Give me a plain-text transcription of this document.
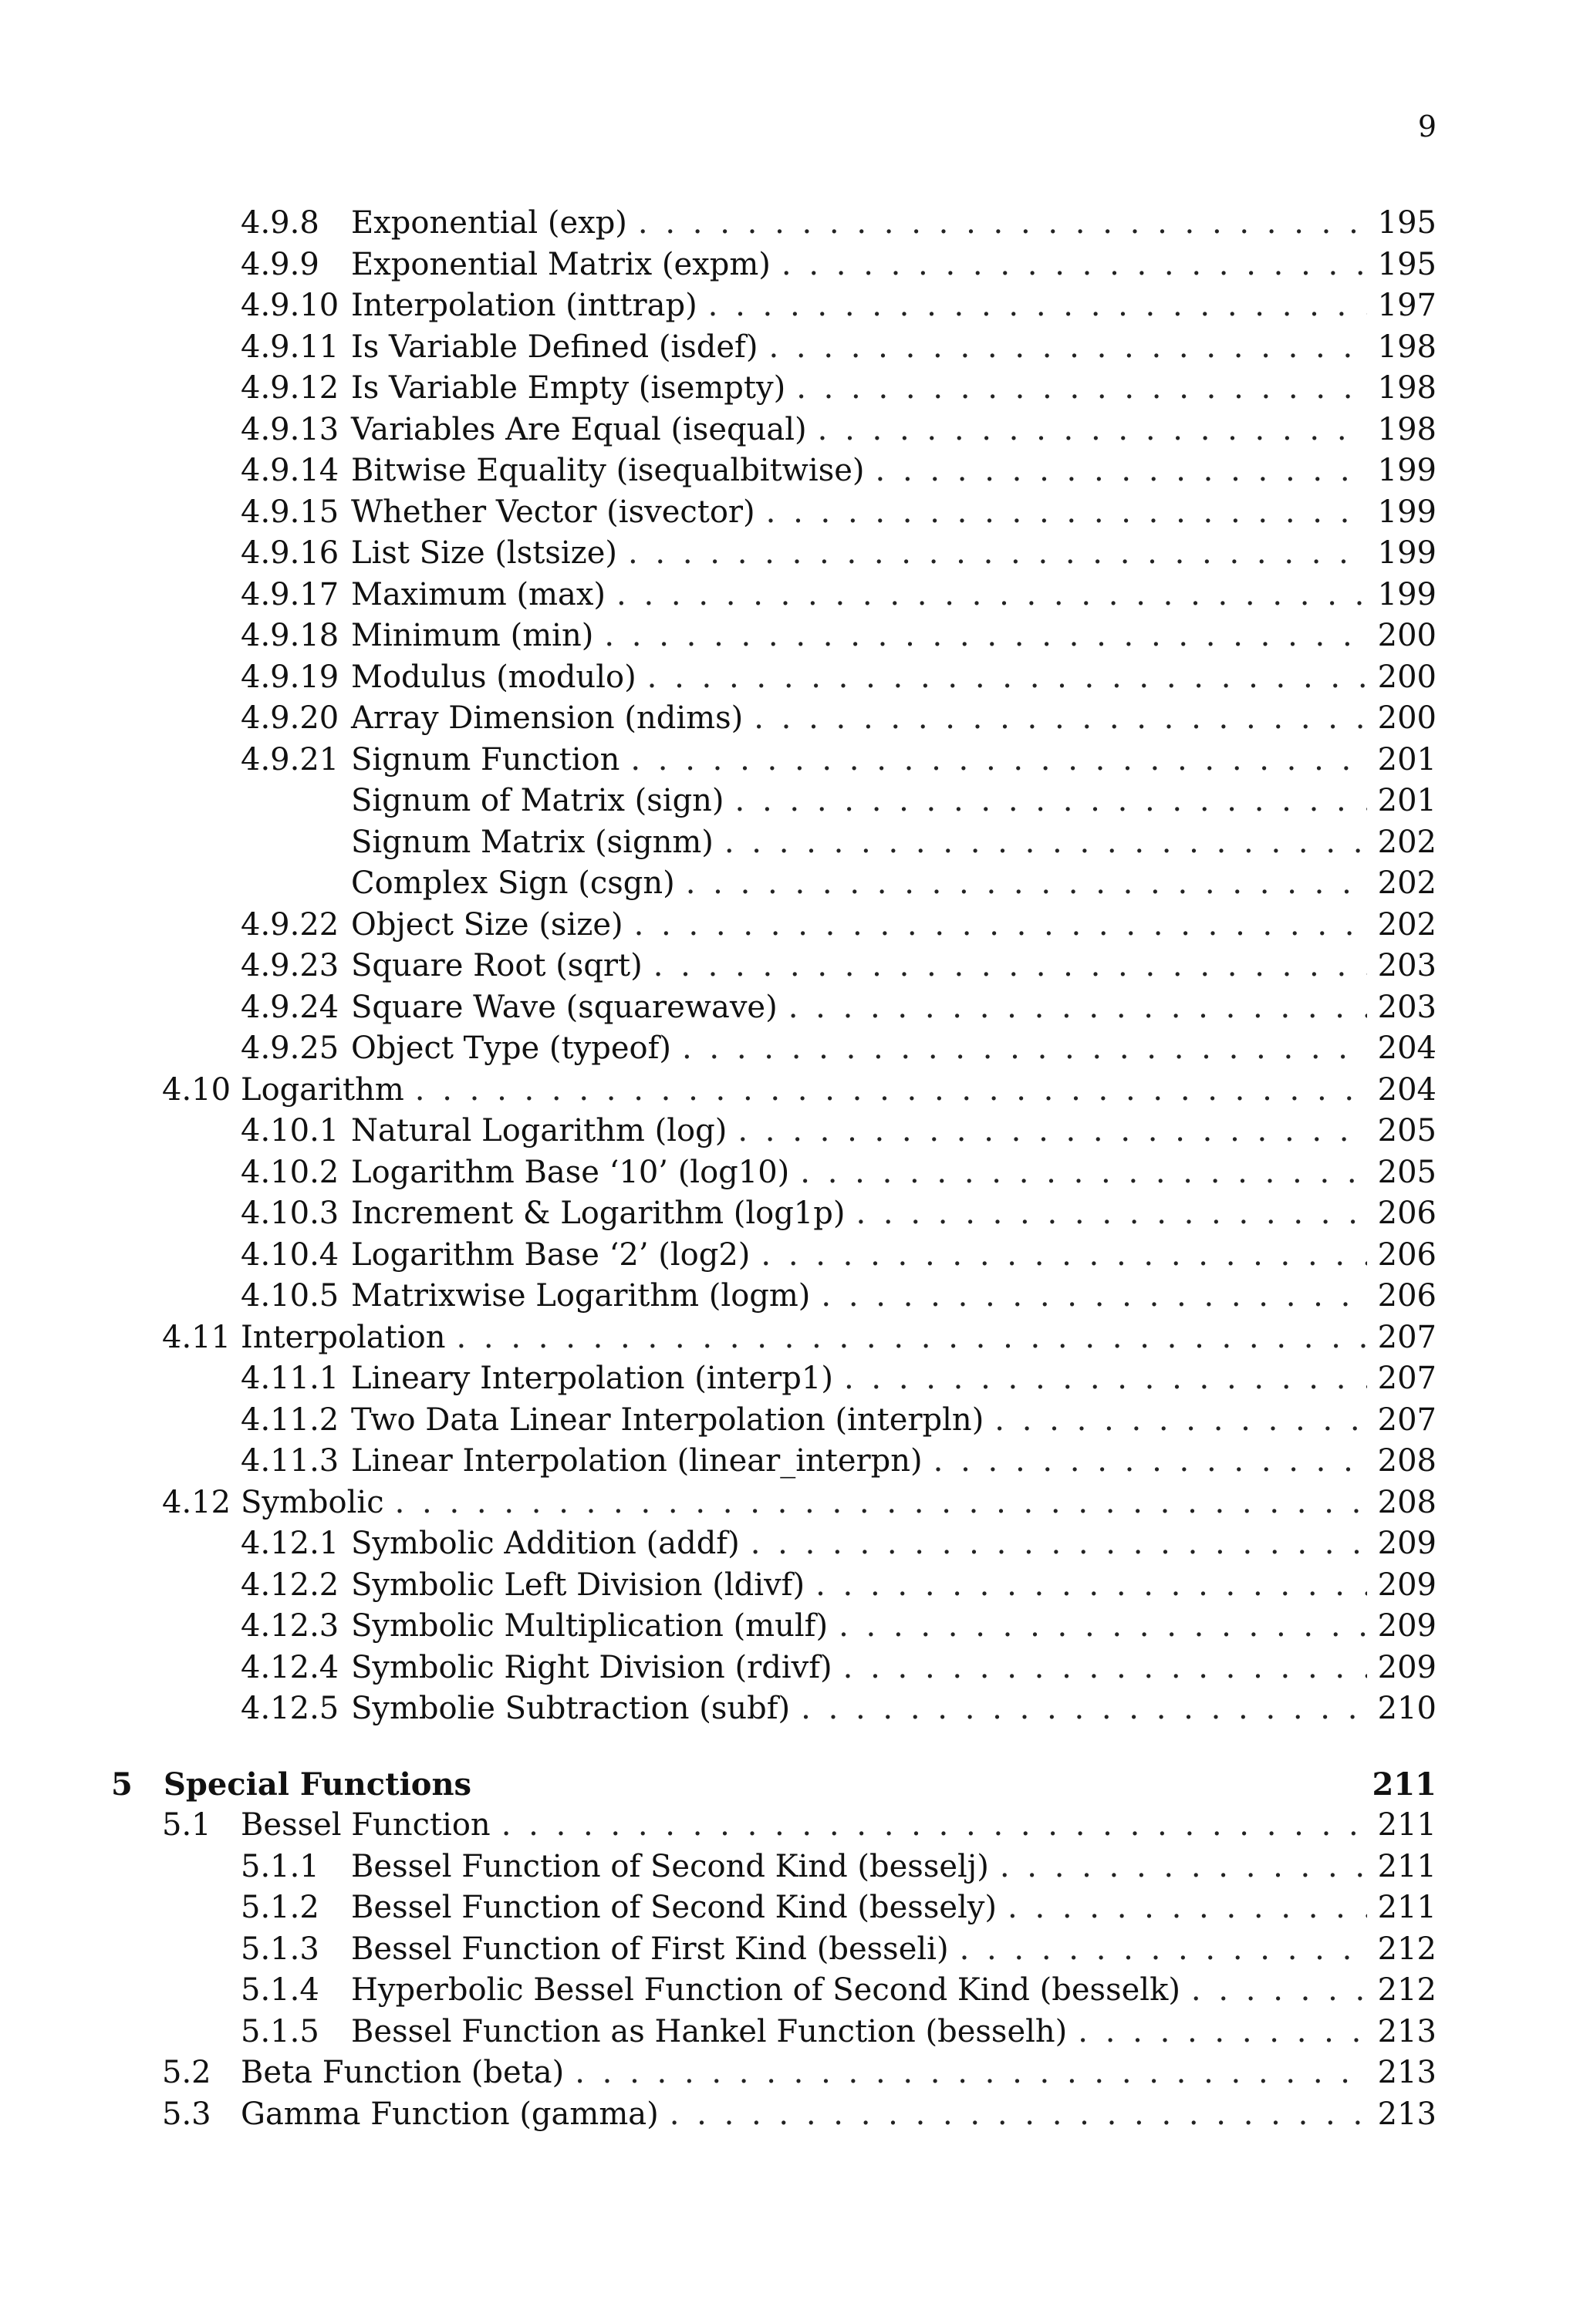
9
4.9.8 Exponential (exp) . . .	195
4.9.9 Exponential Matrix (expm) . . .	195
4.9.10 Interpolation (inttrap) . . .	197
4.9.11 Is Variable Defined (isdef) . . .	198
4.9.12 Is Variable Empty (isempty) . . .	198
4.9.13 Variables Are Equal (isequal) . . .	198
4.9.14 Bitwise Equality (isequalbitwise) . . .	199
4.9.15 Whether Vector (isvector) . . .	199
4.9.16 List Size (lstsize) . . .	199
4.9.17 Maximum (max) . . .	199
4.9.18 Minimum (min) . . .	200
4.9.19 Modulus (modulo) . . .	200
4.9.20 Array Dimension (ndims) . . .	200
4.9.21 Signum Function . . .	201
Signum of Matrix (sign) . . .	201
Signum Matrix (signm) . . .	202
Complex Sign (csgn) . . .	202
4.9.22 Object Size (size) . . .	202
4.9.23 Square Root (sqrt) . . .	203
4.9.24 Square Wave (squarewave) . . .	203
4.9.25 Object Type (typeof) . . .	204
4.10 Logarithm . . .	204
4.10.1 Natural Logarithm (log) . . .	205
4.10.2 Logarithm Base ‘10’ (log10) . . .	205
4.10.3 Increment & Logarithm (log1p) . . .	206
4.10.4 Logarithm Base ‘2’ (log2) . . .	206
4.10.5 Matrixwise Logarithm (logm) . . .	206
4.11 Interpolation . . .	207
4.11.1 Lineary Interpolation (interp1) . . .	207
4.11.2 Two Data Linear Interpolation (interpln) . . .	207
4.11.3 Linear Interpolation (linear_interpn) . . .	208
4.12 Symbolic . . .	208
4.12.1 Symbolic Addition (addf) . . .	209
4.12.2 Symbolic Left Division (ldivf) . . .	209
4.12.3 Symbolic Multiplication (mulf) . . .	209
4.12.4 Symbolic Right Division (rdivf) . . .	209
4.12.5 Symbolie Subtraction (subf) . . .	210
5 Special Functions	211
5.1 Bessel Function . . .	211
5.1.1 Bessel Function of Second Kind (besselj) . . .	211
5.1.2 Bessel Function of Second Kind (bessely) . . .	211
5.1.3 Bessel Function of First Kind (besseli) . . .	212
5.1.4 Hyperbolic Bessel Function of Second Kind (besselk) . . .	212
5.1.5 Bessel Function as Hankel Function (besselh) . . .	213
5.2 Beta Function (beta) . . .	213
5.3 Gamma Function (gamma) . . .	213
